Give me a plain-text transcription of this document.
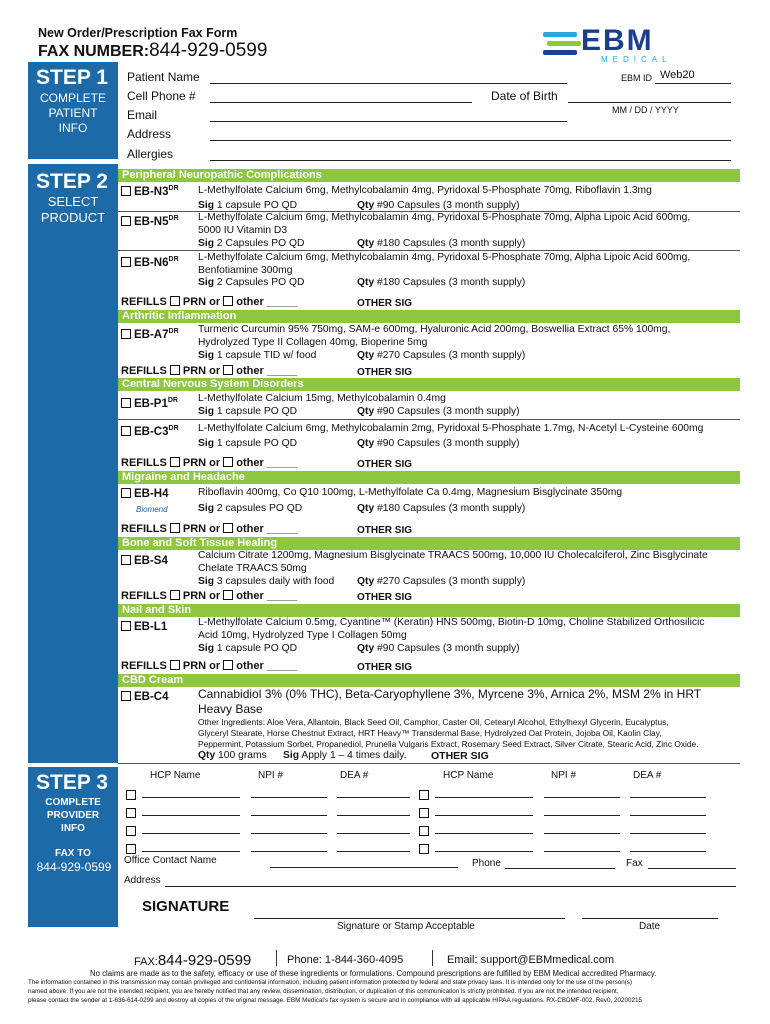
New Order/Prescription Fax Form
FAX NUMBER:844-929-0599	EBM
MEDICAL
STEP 1
COMPLETE
PATIENT
INFO
Patient Name	EBM ID Web20
Cell Phone #	Date of Birth
MM / DD / YYYY
Email
Address
Allergies
STEP 2
SELECT
PRODUCT
Peripheral Neuropathic Complications
$EB-N3^{DR}$ L-Methylfolate Calcium 6mg, Methylcobalamin 4mg, Pyridoxal 5-Phosphate 70mg, Riboflavin 1.3mg
Sig 1 capsule PO QD	Qty #90 Capsules (3 month supply)
$EB-N5^{DR}$ L-Methylfolate Calcium 6mg, Methylcobalamin 4mg, Pyridoxal 5-Phosphate 70mg, Alpha Lipoic Acid 600mg,
5000 IU Vitamin D3
Sig 2 Capsules PO QD	Qty #180 Capsules (3 month supply)
$EB-N6^{DR}$ L-Methylfolate Calcium 6mg, Methylcobalamin 4mg, Pyridoxal 5-Phosphate 70mg, Alpha Lipoic Acid 600mg,
Benfotiamine 300mg
Sig 2 Capsules PO QD	Qty #180 Capsules (3 month supply)
REFILLS PRN or other _____	OTHER SIG
Arthritic Inflammation
$EB-A7^{DR}$ Turmeric Curcumin 95% 750mg, SAM-e 600mg, Hyaluronic Acid 200mg, Boswellia Extract 65% 100mg,
Hydrolyzed Type II Collagen 40mg, Bioperine 5mg
Sig 1 capsule TID w/ food	Qty #270 Capsules (3 month supply)
REFILLS PRN or other _____	OTHER SIG
Central Nervous System Disorders
$EB-P1^{DR}$ L-Methylfolate Calcium 15mg, Methylcobalamin 0.4mg
Sig 1 capsule PO QD	Qty #90 Capsules (3 month supply)
$EB-C3^{DR}$ L-Methylfolate Calcium 6mg, Methylcobalamin 2mg, Pyridoxal 5-Phosphate 1.7mg, N-Acetyl L-Cysteine 600mg
Sig 1 capsule PO QD	Qty #90 Capsules (3 month supply)
REFILLS PRN or other _____	OTHER SIG
Migraine and Headache
EB-H4
Biomend
Riboflavin 400mg, Co Q10 100mg, L-Methylfolate Ca 0.4mg, Magnesium Bisglycinate 350mg
Sig 2 capsules PO QD	Qty #180 Capsules (3 month supply)
REFILLS PRN or other _____	OTHER SIG
Bone and Soft Tissue Healing
EB-S4	Calcium Citrate 1200mg, Magnesium Bisglycinate TRAACS 500mg, 10,000 IU Cholecalciferol, Zinc Bisglycinate
Chelate TRAACS 50mg
Sig 3 capsules daily with food Qty #270 Capsules (3 month supply)
REFILLS PRN or other _____	OTHER SIG
Nail and Skin
EB-L1	L-Methylfolate Calcium 0.5mg, Cyantine™ (Keratin) HNS 500mg, Biotin-D 10mg, Choline Stabilized Orthosilicic
Acid 10mg, Hydrolyzed Type I Collagen 50mg
Sig 1 capsule PO QD	Qty #90 Capsules (3 month supply)
REFILLS PRN or other _____	OTHER SIG
CBD Cream
EB-C4 Cannabidiol 3% (0% THC), Beta-Caryophyllene 3%, Myrcene 3%, Arnica 2%, MSM 2% in HRT
Heavy Base
Other Ingredients: Aloe Vera, Allantoin, Black Seed Oil, Camphor, Caster Oil, Cetearyl Alcohol, Ethylhexyl Glycerin, Eucalyptus,
Glyceryl Stearate, Horse Chestnut Extract, HRT Heavy™ Transdermal Base, Hydrolyzed Oat Protein, Jojoba Oil, Kaolin Clay,
Peppermint, Potassium Sorbet, Propanediol, Prunella Vulgaris Extract, Rosemary Seed Extract, Silver Citrate, Stearic Acid, Zinc Oxide.
Qty 100 grams Sig Apply 1 – 4 times daily. OTHER SIG
STEP 3
COMPLETE
PROVIDER
INFO
FAX TO
844-929-0599
HCP Name	NPI #	DEA #	HCP Name	NPI #	DEA #
Office Contact Name	Phone	Fax
Address
SIGNATURE
Signature or Stamp Acceptable	Date
FAX:844-929-0599	Phone: 1-844-360-4095	Email: support@EBMmedical.com
No claims are made as to the safety, efficacy or use of these ingredients or formulations. Compound prescriptions are fulfilled by EBM Medical accredited Pharmacy.
The information contained in this transmission may contain privileged and confidential information, including patient information protected by federal and state privacy laws. It is intended only for the use of the person(s)
named above. If you are not the intended recipient, you are hereby notified that any review, dissemination, distribution, or duplication of this communication is strictly prohibited. If you are not the intended recipient,
please contact the sender at 1-636-614-0299 and destroy all copies of the original message. EBM Medical's fax system is secure and in compliance with all applicable HIPAA regulations. RX-CBDMF-002, Rev0, 20200215
